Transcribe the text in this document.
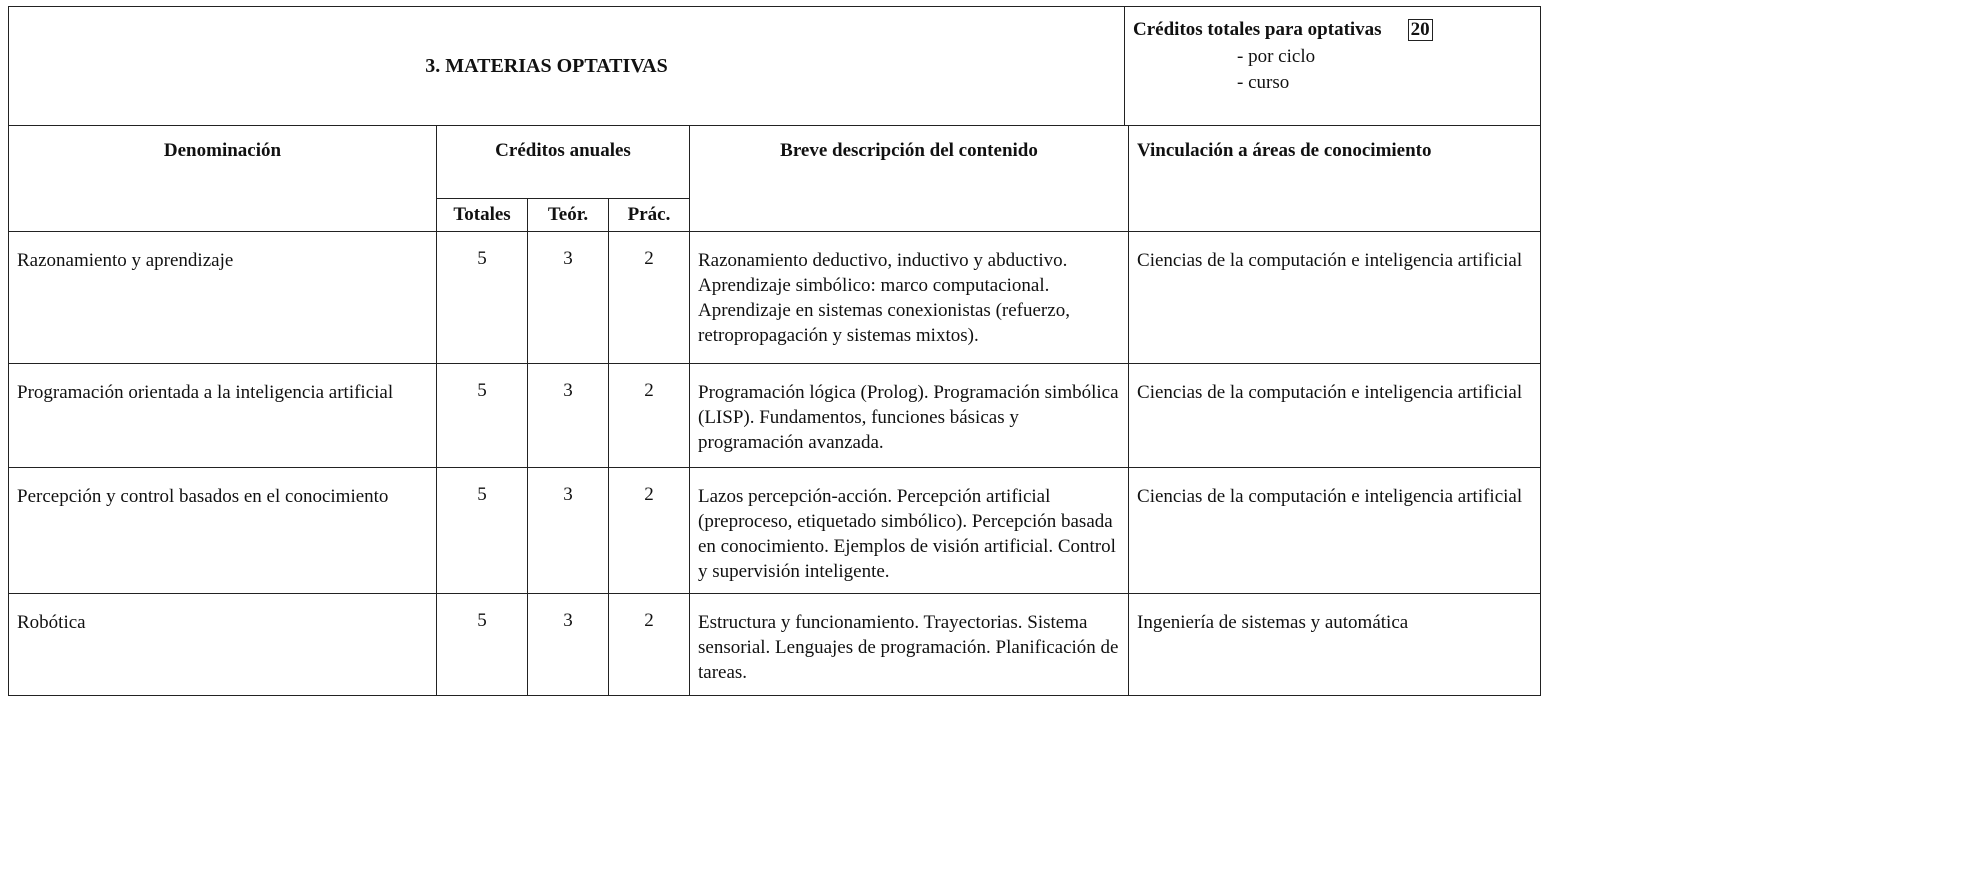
3. MATERIAS OPTATIVAS					Créditos totales para optativas 20
- por ciclo
- curso	

Denominación	Créditos anuales			Breve descripción del contenido		Vinculación a áreas de conocimiento
	Totales	Teór.	Prác.			
Razonamiento y aprendizaje	5	3	2	Razonamiento deductivo, inductivo y abductivo. Aprendizaje simbólico: marco computacional. Aprendizaje en sistemas conexionistas (refuerzo, retropropagación y sistemas mixtos).		Ciencias de la computación e inteligencia artificial
Programación orientada a la inteligencia artificial	5	3	2	Programación lógica (Prolog). Programación simbólica (LISP). Fundamentos, funciones básicas y programación avanzada.		Ciencias de la computación e inteligencia artificial
Percepción y control basados en el conocimiento	5	3	2	Lazos percepción-acción. Percepción artificial (preproceso, etiquetado simbólico). Percepción basada en conocimiento. Ejemplos de visión artificial. Control y supervisión inteligente.		Ciencias de la computación e inteligencia artificial
Robótica	5	3	2	Estructura y funcionamiento. Trayectorias. Sistema sensorial. Lenguajes de programación. Planificación de tareas.		Ingeniería de sistemas y automática
